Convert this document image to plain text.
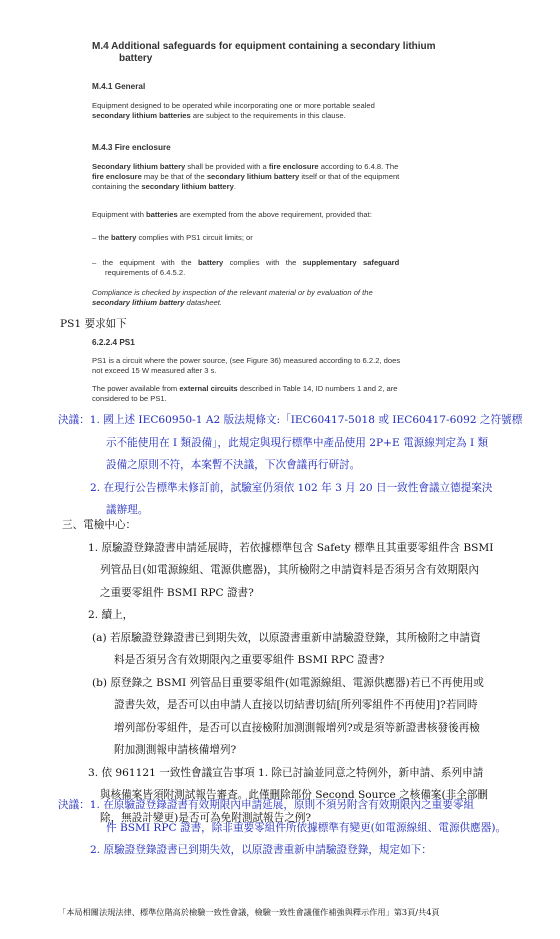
M.4 Additional safeguards for equipment containing a secondary lithium
battery
M.4.1 General
Equipment designed to be operated while incorporating one or more portable sealed
secondary lithium batteries are subject to the requirements in this clause.
M.4.3 Fire enclosure
Secondary lithium battery shall be provided with a fire enclosure according to 6.4.8. The
fire enclosure may be that of the secondary lithium battery itself or that of the equipment
containing the secondary lithium battery.
Equipment with batteries are exempted from the above requirement, provided that:
– the battery complies with PS1 circuit limits; or
–   the   equipment   with   the   battery   complies   with   the   supplementary   safeguard
requirements of 6.4.5.2.
Compliance is checked by inspection of the relevant material or by evaluation of the
secondary lithium battery datasheet.
PS1 要求如下
6.2.2.4 PS1
PS1 is a circuit where the power source, (see Figure 36) measured according to 6.2.2, does
not exceed 15 W measured after 3 s.
The power available from external circuits described in Table 14, ID numbers 1 and 2, are
considered to be PS1.
決議：1. 國上述 IEC60950-1 A2 版法規條文:「IEC60417-5018 或 IEC60417-6092 之符號標
示不能使用在 I 類設備」，此規定與現行標準中產品使用 2P+E 電源線判定為 I 類
設備之原則不符，本案暫不決議，下次會議再行研討。
2. 在現行公告標準未修訂前，試驗室仍須依 102 年 3 月 20 日一致性會議立德提案決
議辦理。
三、電檢中心：
1. 原驗證登錄證書申請延展時，若依據標準包含 Safety 標準且其重要零組件含 BSMI
列管品目(如電源線組、電源供應器)，其所檢附之申請資料是否須另含有效期限內
之重要零組件 BSMI RPC 證書?
2. 續上，
(a) 若原驗證登錄證書已到期失效，以原證書重新申請驗證登錄，其所檢附之申請資
料是否須另含有效期限內之重要零組件 BSMI RPC 證書?
(b) 原登錄之 BSMI 列管品目重要零組件(如電源線組、電源供應器)若已不再使用或
證書失效，是否可以由申請人直接以切結書切結[所列零組件不再使用]?若同時
增列部份零組件，是否可以直接檢附加測測報增列?或是須等新證書核發後再檢
附加測測報申請核備增列?
3. 依 961121 一致性會議宣告事項 1. 除已討論並同意之特例外，新申請、系列申請
與核備案皆須附測試報告審查。此僅刪除部份 Second Source 之核備案(非全部刪
除，無設計變更)是否可為免附測試報告之例?
決議：1. 在原驗證登錄證書有效期限內申請延展，原則不須另附含有效期限內之重要零組
件 BSMI RPC 證書，除非重要零組件所依據標準有變更(如電源線組、電源供應器)。
2. 原驗證登錄證書已到期失效，以原證書重新申請驗證登錄，規定如下：
「本局相關法規法律、標準位階高於檢驗一致性會議，檢驗一致性會議僅作補強與釋示作用」第3頁/共4頁
